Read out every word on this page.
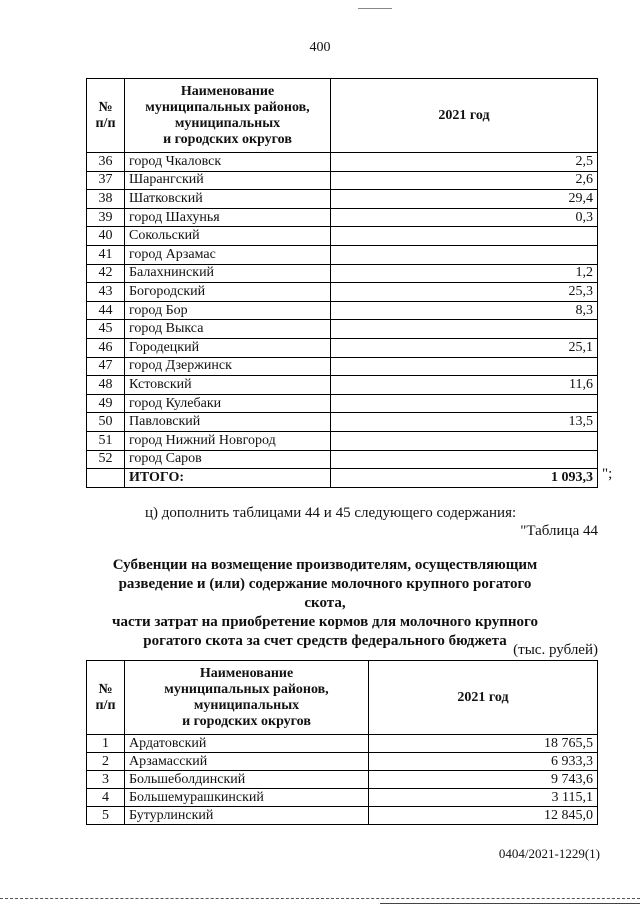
400
№
п/п	Наименование
муниципальных районов,
муниципальных
и городских округов	2021 год
36	город Чкаловск	2,5
37	Шарангский	2,6
38	Шатковский	29,4
39	город Шахунья	0,3
40	Сокольский	
41	город Арзамас	
42	Балахнинский	1,2
43	Богородский	25,3
44	город Бор	8,3
45	город Выкса	
46	Городецкий	25,1
47	город Дзержинск	
48	Кстовский	11,6
49	город Кулебаки	
50	Павловский	13,5
51	город Нижний Новгород	
52	город Саров	
	ИТОГО:	1 093,3 ";
ц) дополнить таблицами 44 и 45 следующего содержания:
"Таблица 44
Субвенции на возмещение производителям, осуществляющим
разведение и (или) содержание молочного крупного рогатого скота,
части затрат на приобретение кормов для молочного крупного
рогатого скота за счет средств федерального бюджета
(тыс. рублей)
№
п/п	Наименование
муниципальных районов,
муниципальных
и городских округов	2021 год
1	Ардатовский	18 765,5
2	Арзамасский	6 933,3
3	Большеболдинский	9 743,6
4	Большемурашкинский	3 115,1
5	Бутурлинский	12 845,0
0404/2021-1229(1)
